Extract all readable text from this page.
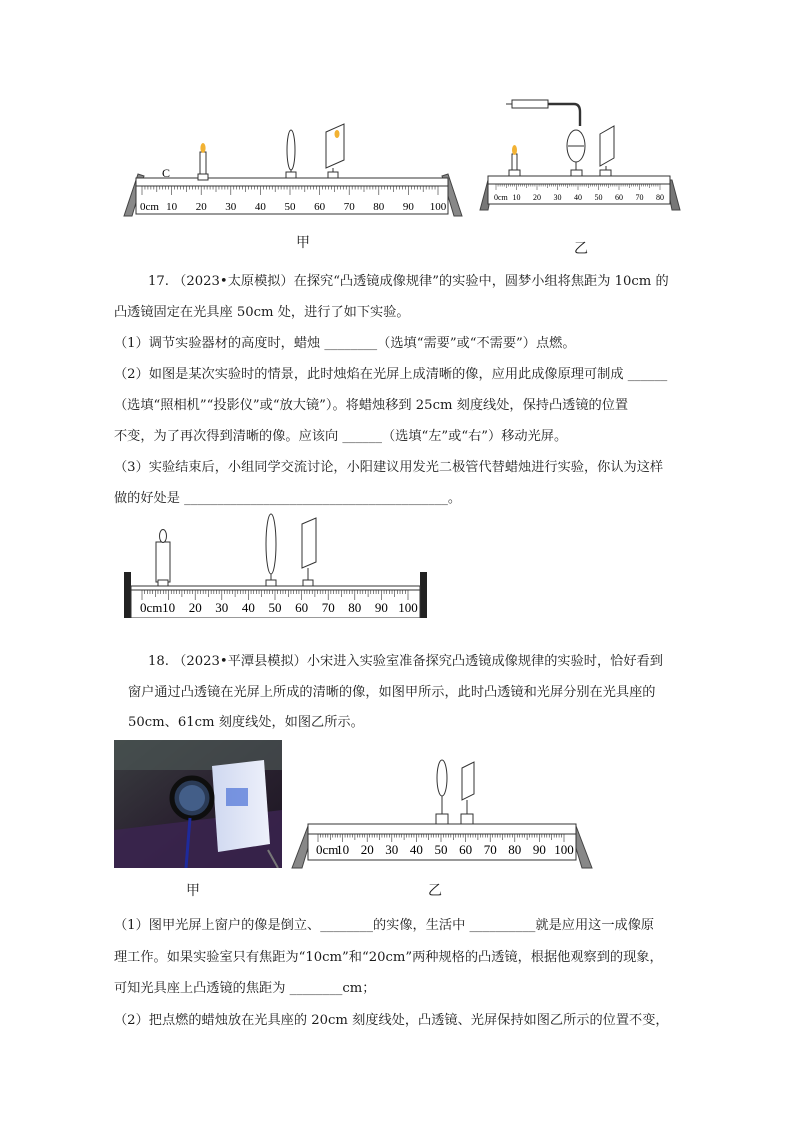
C
0cm 10 20 30 40 50 60 70 80 90 100
甲
0cm 10 20 30 40 50 60 70 80
乙
17. （2023•太原模拟）在探究“凸透镜成像规律”的实验中，圆梦小组将焦距为 10cm 的
凸透镜固定在光具座 50cm 处，进行了如下实验。
（1）调节实验器材的高度时，蜡烛 ________（选填“需要”或“不需要”）点燃。
（2）如图是某次实验时的情景，此时烛焰在光屏上成清晰的像，应用此成像原理可制成 ______
（选填“照相机”“投影仪”或“放大镜”）。将蜡烛移到 25cm 刻度线处，保持凸透镜的位置
不变，为了再次得到清晰的像。应该向 ______（选填“左”或“右”）移动光屏。
（3）实验结束后，小组同学交流讨论，小阳建议用发光二极管代替蜡烛进行实验，你认为这样
做的好处是 ________________________________________。
0cm 10 20 30 40 50 60 70 80 90 100
18. （2023•平潭县模拟）小宋进入实验室准备探究凸透镜成像规律的实验时，恰好看到
窗户通过凸透镜在光屏上所成的清晰的像，如图甲所示，此时凸透镜和光屏分别在光具座的
50cm、61cm 刻度线处，如图乙所示。
甲
0cm
10 20 30 40 50 60 70 80 90 100
乙
（1）图甲光屏上窗户的像是倒立、________的实像，生活中 __________就是应用这一成像原
理工作。如果实验室只有焦距为“10cm”和“20cm”两种规格的凸透镜，根据他观察到的现象，
可知光具座上凸透镜的焦距为 ________cm；
（2）把点燃的蜡烛放在光具座的 20cm 刻度线处，凸透镜、光屏保持如图乙所示的位置不变，
